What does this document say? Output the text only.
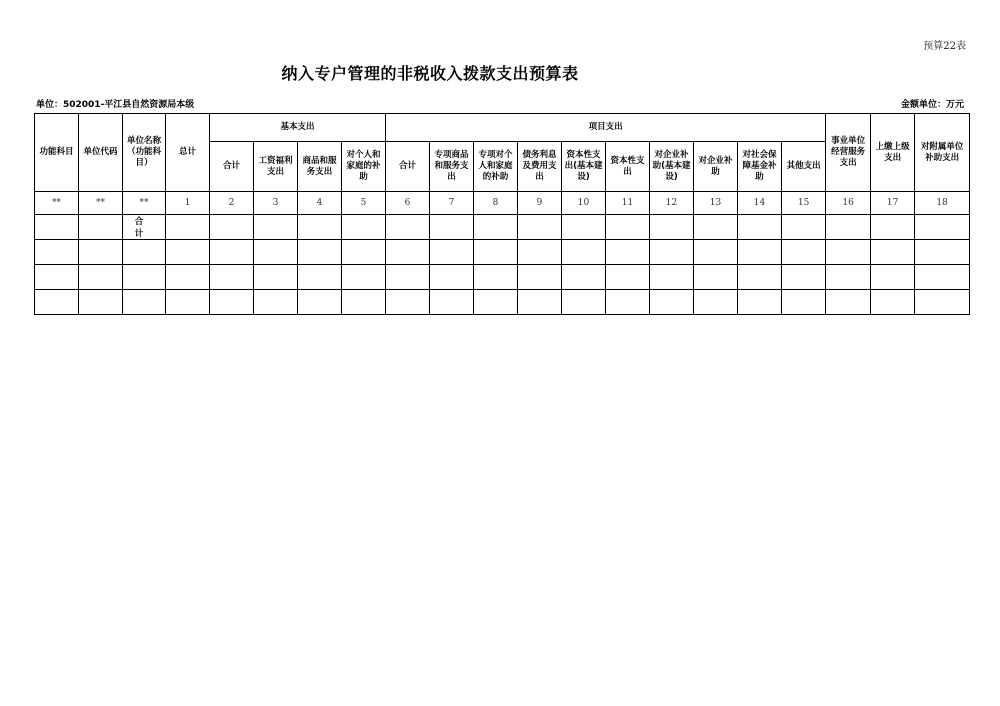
预算22表
纳入专户管理的非税收入拨款支出预算表
单位：502001-平江县自然资源局本级	金额单位：万元
功能科目	单位代码	单位名称（功能科目）	总计	基本支出				项目支出										事业单位经营服务支出	上缴上级支出	对附属单位补助支出
				合计	工资福利支出	商品和服务支出	对个人和家庭的补助	合计	专项商品和服务支出	专项对个人和家庭的补助	债务利息及费用支出	资本性支出(基本建设)	资本性支出	对企业补助(基本建设)	对企业补助	对社会保障基金补助	其他支出			
**	**	**	1	2	3	4	5	6	7	8	9	10	11	12	13	14	15	16	17	18
		合 计																		
